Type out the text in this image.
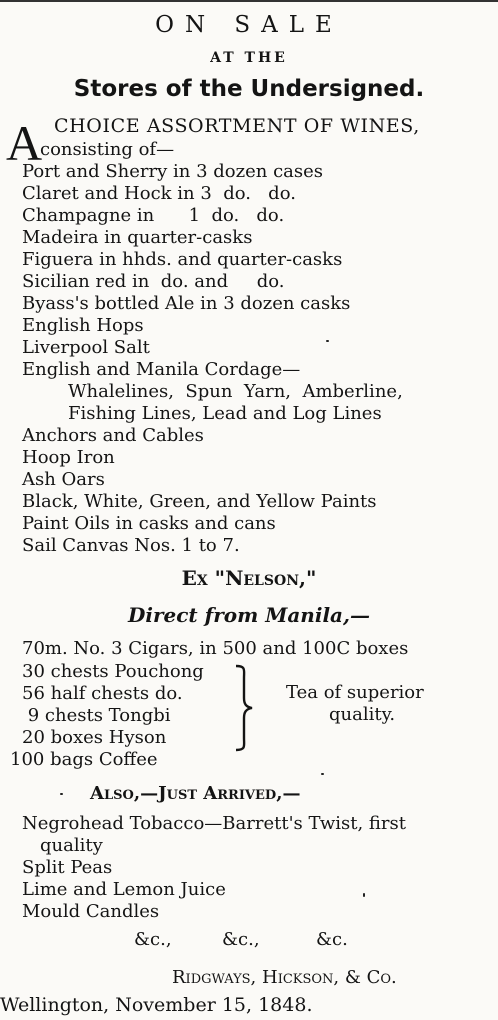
ON SALE
AT THE
Stores of the Undersigned.
A CHOICE ASSORTMENT OF WINES,
consisting of—
Port and Sherry in 3 dozen cases
Claret and Hock in 3  do.   do.
Champagne in      1  do.   do.
Madeira in quarter-casks
Figuera in hhds. and quarter-casks
Sicilian red in  do. and     do.
Byass's bottled Ale in 3 dozen casks
English Hops
Liverpool Salt
English and Manila Cordage—
Whalelines,  Spun  Yarn,  Amberline,
Fishing Lines, Lead and Log Lines
Anchors and Cables
Hoop Iron
Ash Oars
Black, White, Green, and Yellow Paints
Paint Oils in casks and cans
Sail Canvas Nos. 1 to 7.
Ex "Nelson,"
Direct from Manila,—
70m. No. 3 Cigars, in 500 and 100C boxes
30 chests Pouchong
56 half chests do.
9 chests Tongbi
20 boxes Hyson
Tea of superior
quality.
100 bags Coffee
Also,—Just Arrived,—
Negrohead Tobacco—Barrett's Twist, first
quality
Split Peas
Lime and Lemon Juice
Mould Candles
&c.,	&c.,	&c.
Ridgways, Hickson, & Co.
Wellington, November 15, 1848.
